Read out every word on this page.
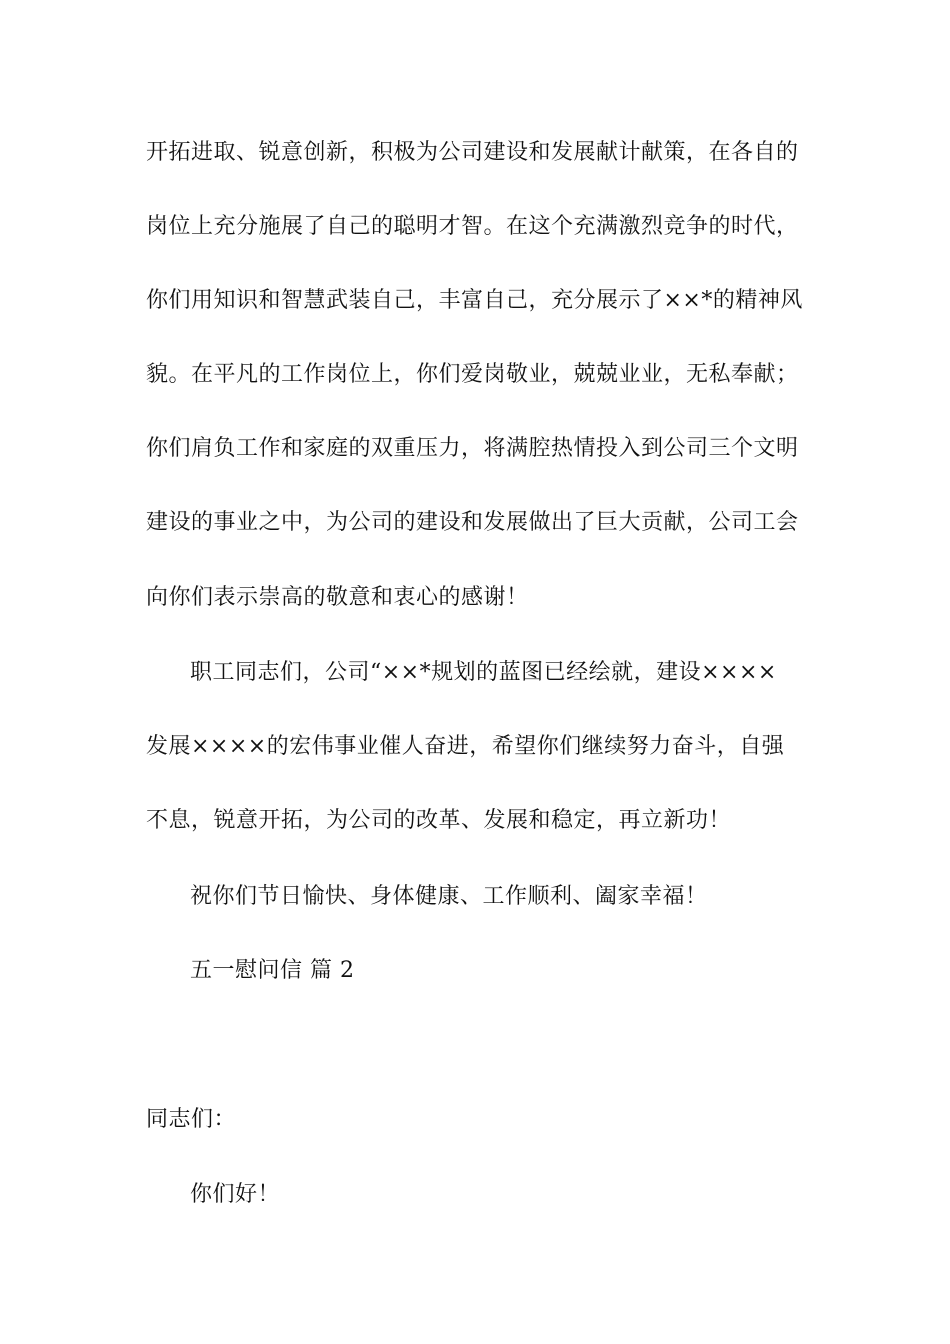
开拓进取、锐意创新，积极为公司建设和发展献计献策，在各自的
岗位上充分施展了自己的聪明才智。在这个充满激烈竞争的时代，
你们用知识和智慧武装自己，丰富自己，充分展示了××*的精神风
貌。在平凡的工作岗位上，你们爱岗敬业，兢兢业业，无私奉献；
你们肩负工作和家庭的双重压力，将满腔热情投入到公司三个文明
建设的事业之中，为公司的建设和发展做出了巨大贡献，公司工会
向你们表示崇高的敬意和衷心的感谢！
职工同志们，公司“××*规划的蓝图已经绘就，建设××××
发展××××的宏伟事业催人奋进，希望你们继续努力奋斗，自强
不息，锐意开拓，为公司的改革、发展和稳定，再立新功！
祝你们节日愉快、身体健康、工作顺利、阖家幸福！
五一慰问信 篇 2
同志们：
你们好！
